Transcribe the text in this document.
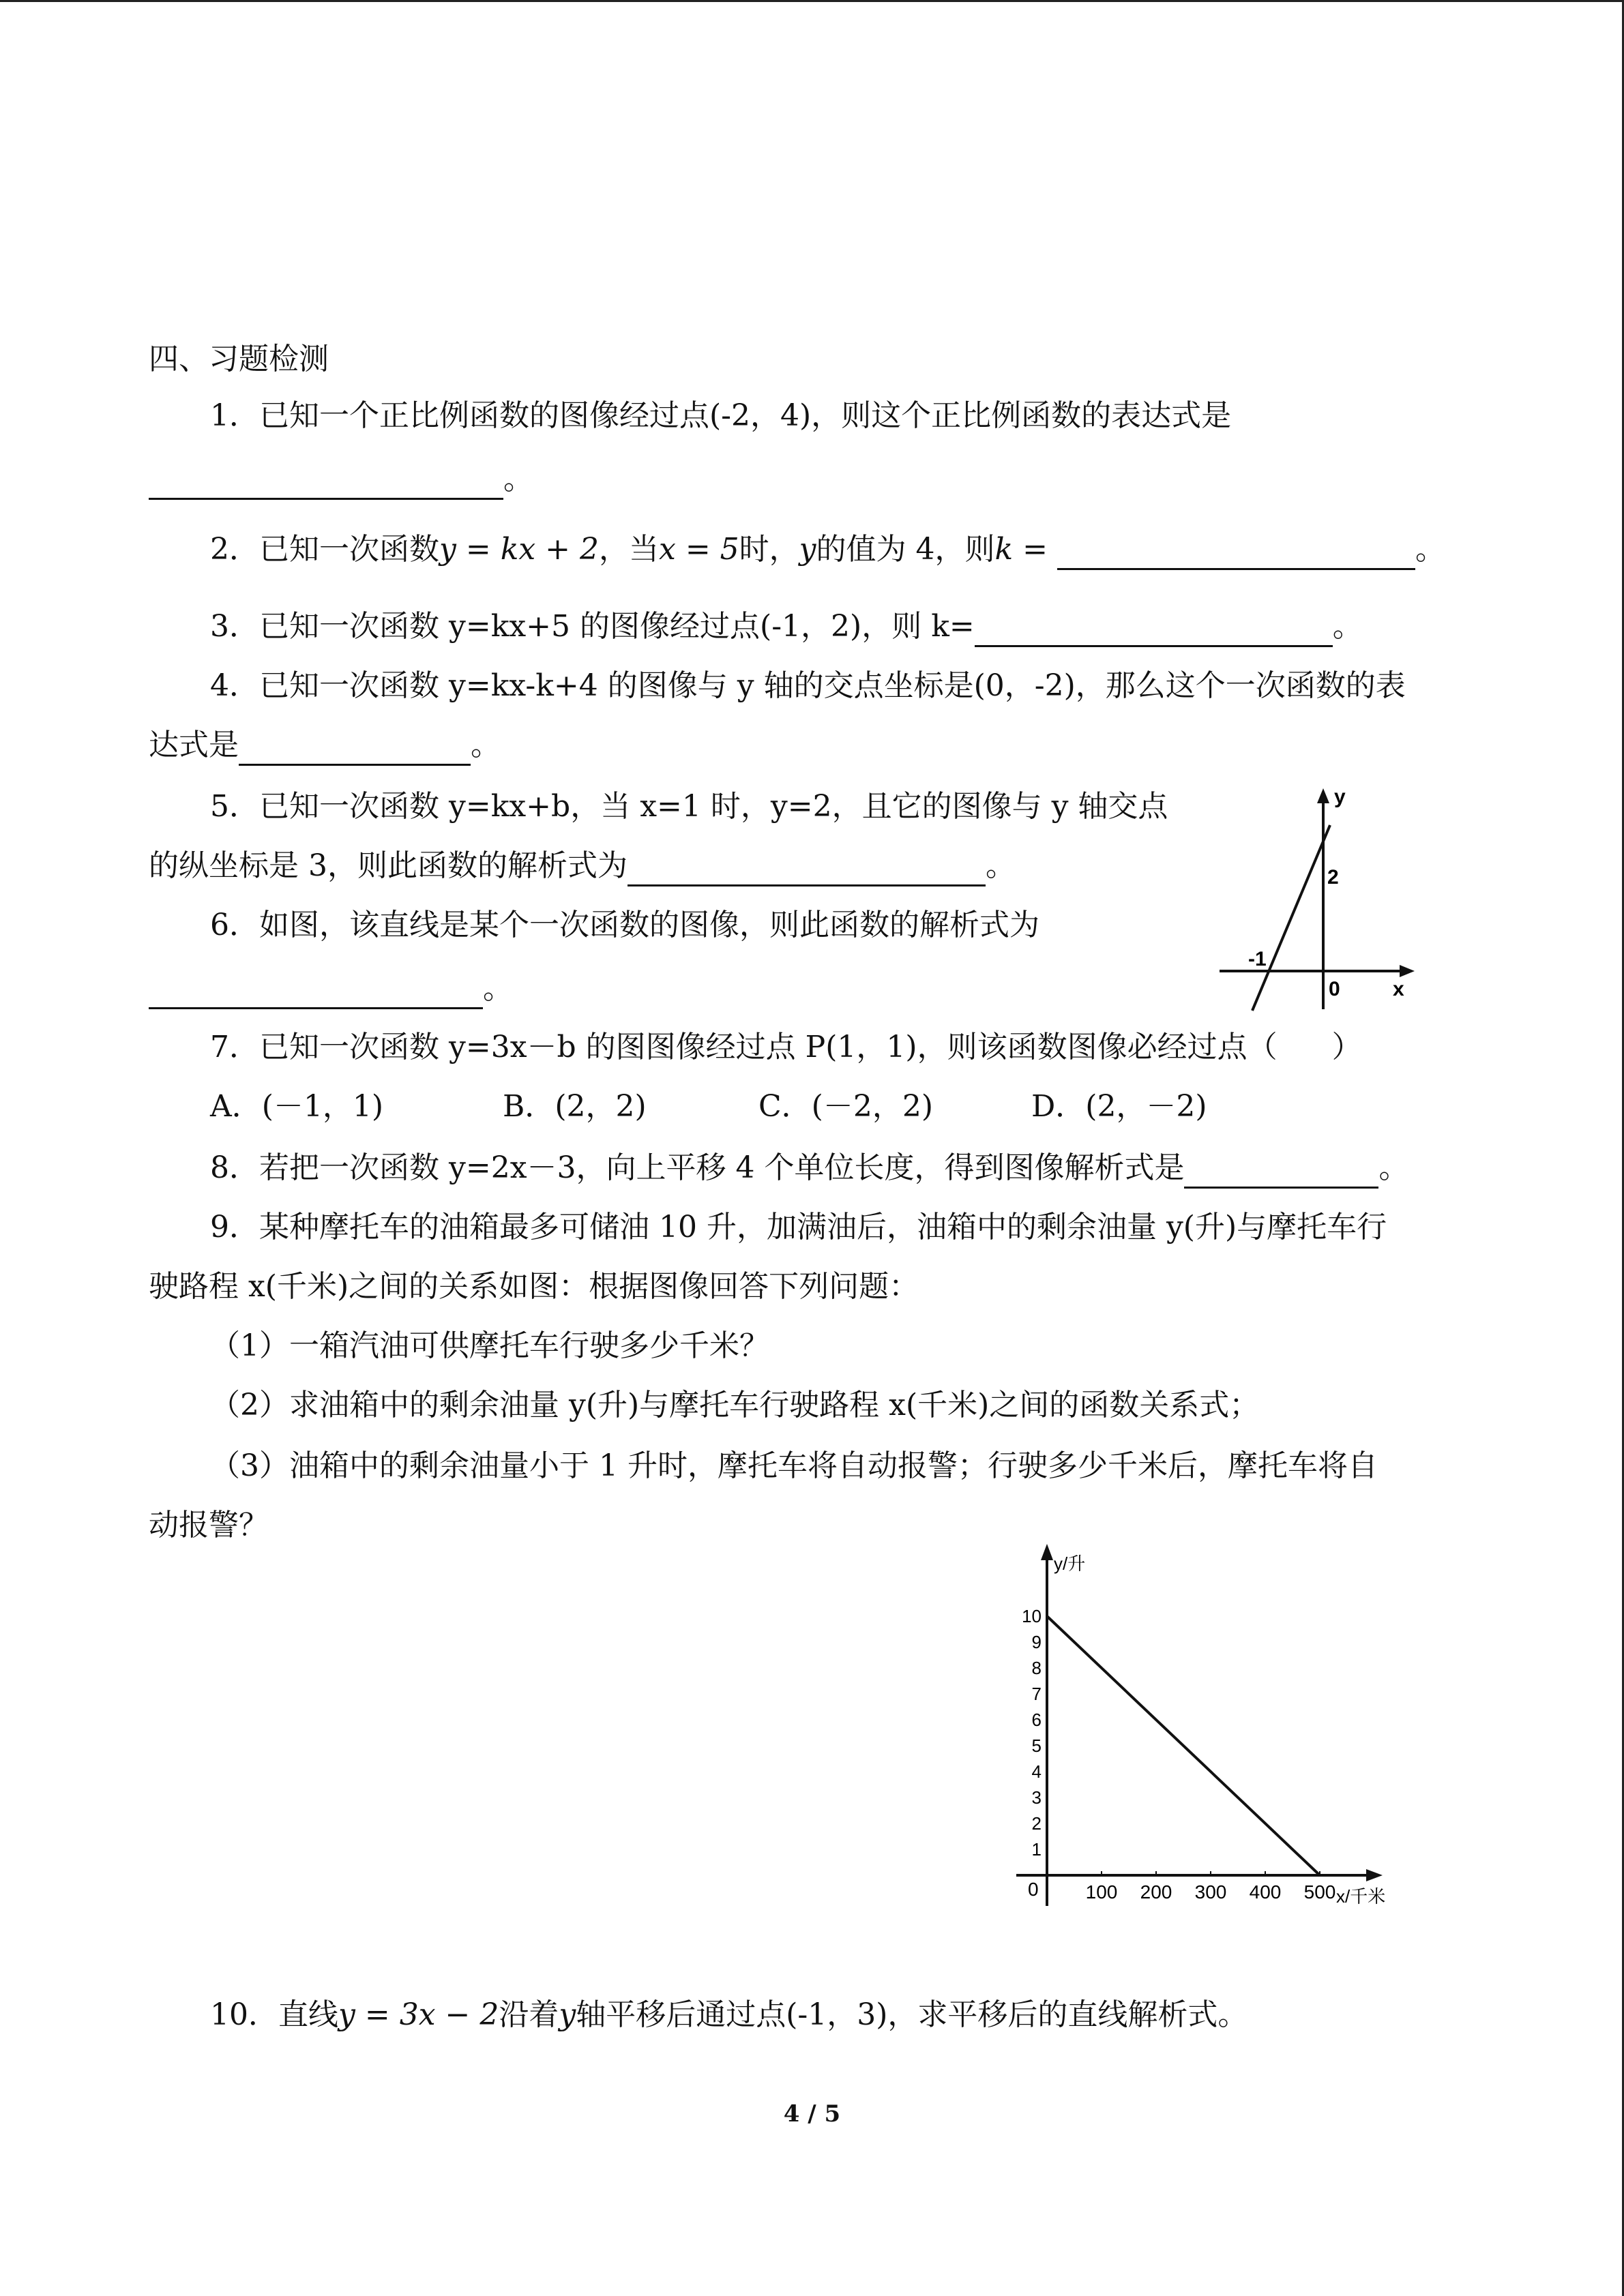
四、习题检测
1．已知一个正比例函数的图像经过点(-2，4)，则这个正比例函数的表达式是
。
2．已知一次函数y = kx + 2，当x = 5时，y的值为 4，则k =	。
3．已知一次函数 y=kx+5 的图像经过点(-1，2)，则 k=	。
4．已知一次函数 y=kx-k+4 的图像与 y 轴的交点坐标是(0，-2)，那么这个一次函数的表
达式是	。
5．已知一次函数 y=kx+b，当 x=1 时，y=2，且它的图像与 y 轴交点
的纵坐标是 3，则此函数的解析式为	。
6．如图，该直线是某个一次函数的图像，则此函数的解析式为
。
y
x
2
-1
0
7．已知一次函数 y=3x－b 的图图像经过点 P(1，1)，则该函数图像必经过点（ ）
A．(－1，1)	B．(2，2)	C．(－2，2)	D．(2，－2)
8．若把一次函数 y=2x－3，向上平移 4 个单位长度，得到图像解析式是	。
9．某种摩托车的油箱最多可储油 10 升，加满油后，油箱中的剩余油量 y(升)与摩托车行
驶路程 x(千米)之间的关系如图：根据图像回答下列问题：
（1）一箱汽油可供摩托车行驶多少千米？
（2）求油箱中的剩余油量 y(升)与摩托车行驶路程 x(千米)之间的函数关系式；
（3）油箱中的剩余油量小于 1 升时，摩托车将自动报警；行驶多少千米后，摩托车将自
动报警？
y/升
x/千米
0 100 200 300 400 500
1
2
3
4
5
6
7
8
9
10
10．直线y = 3x − 2沿着y轴平移后通过点(-1，3)，求平移后的直线解析式。
4 / 5
